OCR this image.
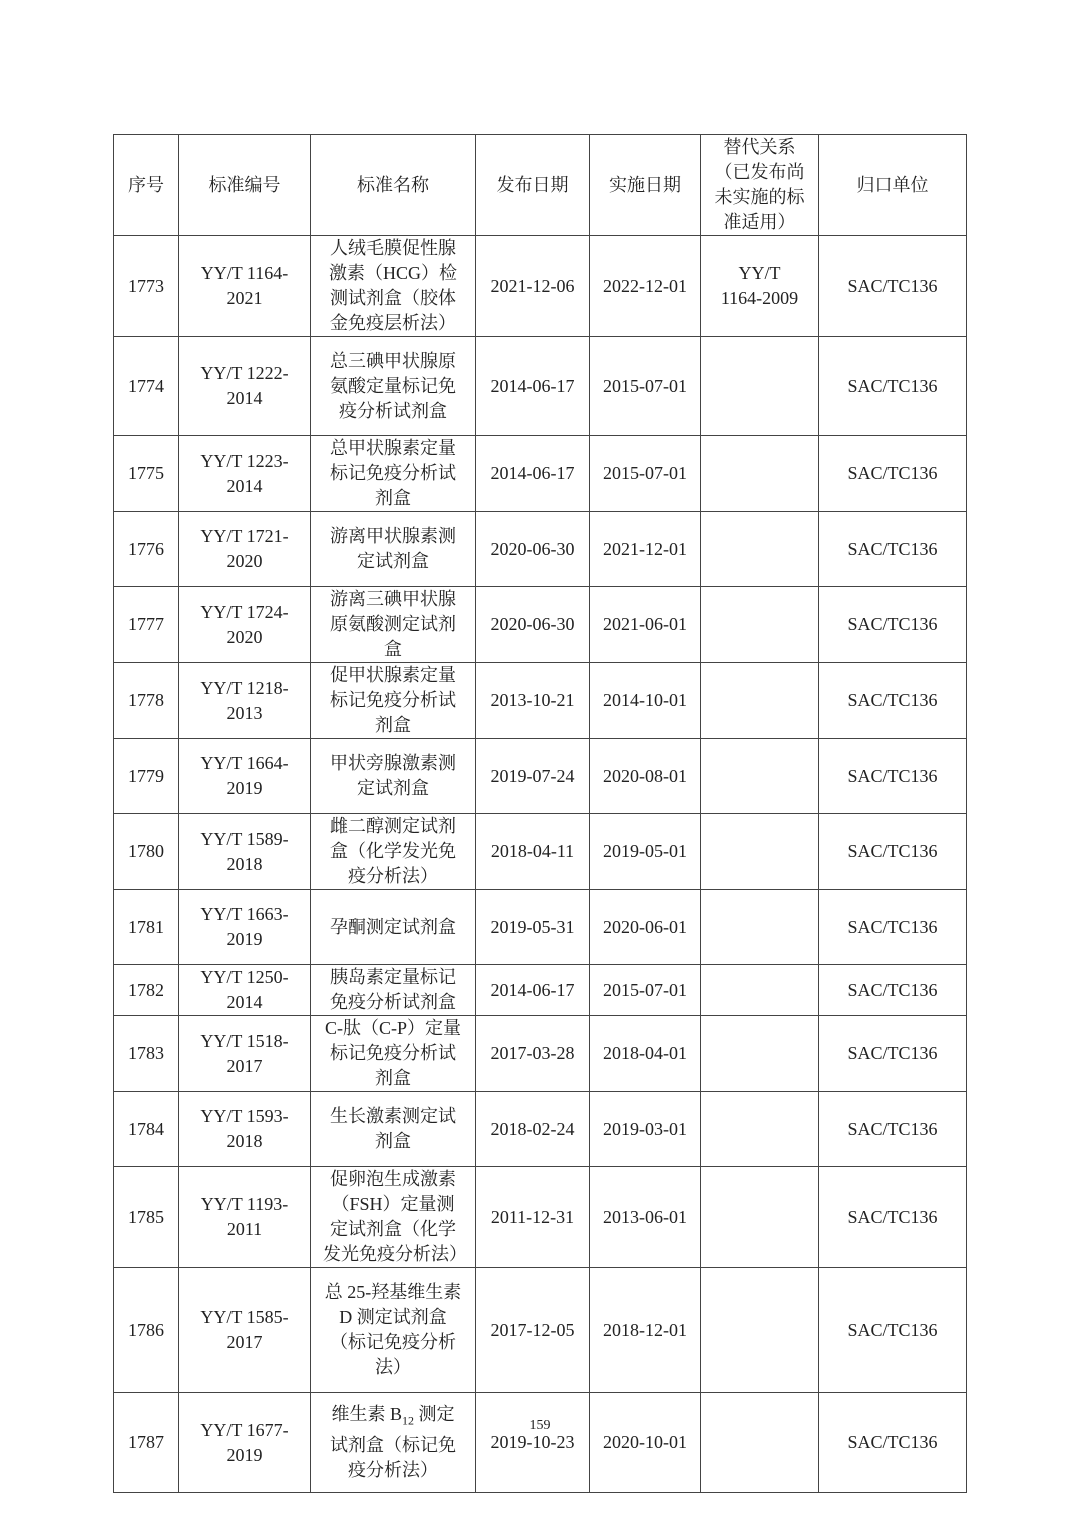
序号	标准编号	标准名称	发布日期	实施日期	替代关系（已发布尚未实施的标准适用）	归口单位
1773	YY/T 1164-2021	人绒毛膜促性腺激素（HCG）检测试剂盒（胶体金免疫层析法）	2021-12-06	2022-12-01	YY/T 1164-2009	SAC/TC136
1774	YY/T 1222-2014	总三碘甲状腺原氨酸定量标记免疫分析试剂盒	2014-06-17	2015-07-01		SAC/TC136
1775	YY/T 1223-2014	总甲状腺素定量标记免疫分析试剂盒	2014-06-17	2015-07-01		SAC/TC136
1776	YY/T 1721-2020	游离甲状腺素测定试剂盒	2020-06-30	2021-12-01		SAC/TC136
1777	YY/T 1724-2020	游离三碘甲状腺原氨酸测定试剂盒	2020-06-30	2021-06-01		SAC/TC136
1778	YY/T 1218-2013	促甲状腺素定量标记免疫分析试剂盒	2013-10-21	2014-10-01		SAC/TC136
1779	YY/T 1664-2019	甲状旁腺激素测定试剂盒	2019-07-24	2020-08-01		SAC/TC136
1780	YY/T 1589-2018	雌二醇测定试剂盒（化学发光免疫分析法）	2018-04-11	2019-05-01		SAC/TC136
1781	YY/T 1663-2019	孕酮测定试剂盒	2019-05-31	2020-06-01		SAC/TC136
1782	YY/T 1250-2014	胰岛素定量标记免疫分析试剂盒	2014-06-17	2015-07-01		SAC/TC136
1783	YY/T 1518-2017	C-肽（C-P）定量标记免疫分析试剂盒	2017-03-28	2018-04-01		SAC/TC136
1784	YY/T 1593-2018	生长激素测定试剂盒	2018-02-24	2019-03-01		SAC/TC136
1785	YY/T 1193-2011	促卵泡生成激素（FSH）定量测定试剂盒（化学发光免疫分析法）	2011-12-31	2013-06-01		SAC/TC136
1786	YY/T 1585-2017	总 25-羟基维生素 D 测定试剂盒（标记免疫分析法）	2017-12-05	2018-12-01		SAC/TC136
1787	YY/T 1677-2019	维生素 $B_{12}$ 测定试剂盒（标记免疫分析法）	2019-10-23	2020-10-01		SAC/TC136
159
